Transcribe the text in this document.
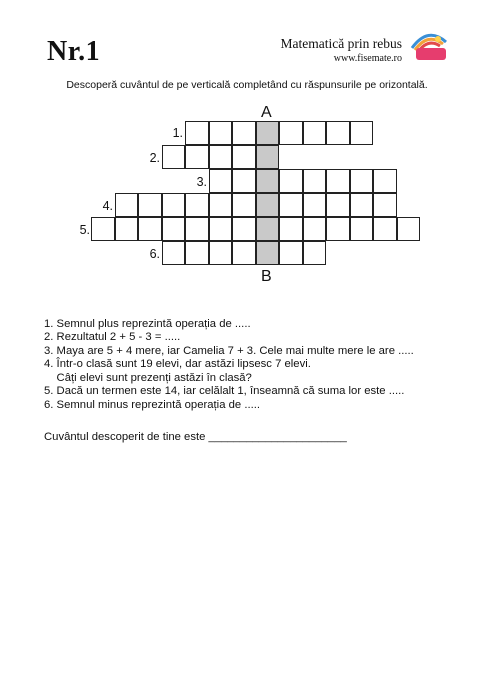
Nr.1	Matematică prin rebus
www.fisemate.ro
Descoperă cuvântul de pe verticală completând cu răspunsurile pe orizontală.
A
B
1.
2.
3.
4.
5.
6.
1. Semnul plus reprezintă operația de .....
2. Rezultatul 2 + 5 - 3 = .....
3. Maya are 5 + 4 mere, iar Camelia 7 + 3. Cele mai multe mere le are .....
4. Într-o clasă sunt 19 elevi, dar astăzi lipsesc 7 elevi.
Câți elevi sunt prezenți astăzi în clasă?
5. Dacă un termen este 14, iar celălalt 1, înseamnă că suma lor este .....
6. Semnul minus reprezintă operația de .....
Cuvântul descoperit de tine este ______________________
